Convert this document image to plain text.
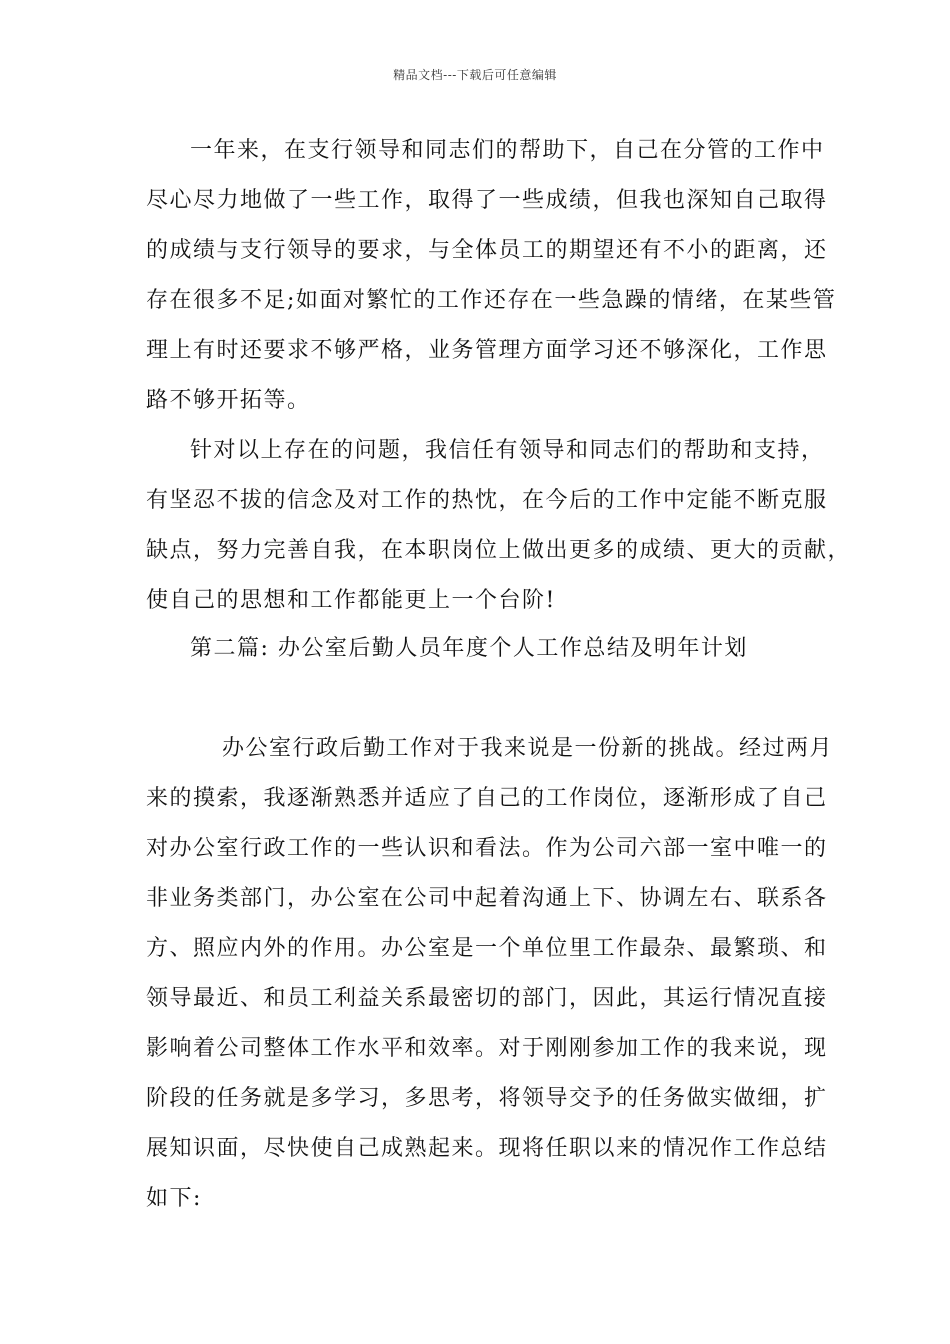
精品文档---下载后可任意编辑
一年来，在支行领导和同志们的帮助下，自己在分管的工作中
尽心尽力地做了一些工作，取得了一些成绩，但我也深知自己取得
的成绩与支行领导的要求，与全体员工的期望还有不小的距离，还
存在很多不足;如面对繁忙的工作还存在一些急躁的情绪，在某些管
理上有时还要求不够严格，业务管理方面学习还不够深化，工作思
路不够开拓等。
针对以上存在的问题，我信任有领导和同志们的帮助和支持，
有坚忍不拔的信念及对工作的热忱，在今后的工作中定能不断克服
缺点，努力完善自我，在本职岗位上做出更多的成绩、更大的贡献，
使自己的思想和工作都能更上一个台阶!
第二篇: 办公室后勤人员年度个人工作总结及明年计划
办公室行政后勤工作对于我来说是一份新的挑战。经过两月
来的摸索，我逐渐熟悉并适应了自己的工作岗位，逐渐形成了自己
对办公室行政工作的一些认识和看法。作为公司六部一室中唯一的
非业务类部门，办公室在公司中起着沟通上下、协调左右、联系各
方、照应内外的作用。办公室是一个单位里工作最杂、最繁琐、和
领导最近、和员工利益关系最密切的部门，因此，其运行情况直接
影响着公司整体工作水平和效率。对于刚刚参加工作的我来说，现
阶段的任务就是多学习，多思考，将领导交予的任务做实做细，扩
展知识面，尽快使自己成熟起来。现将任职以来的情况作工作总结
如下:
